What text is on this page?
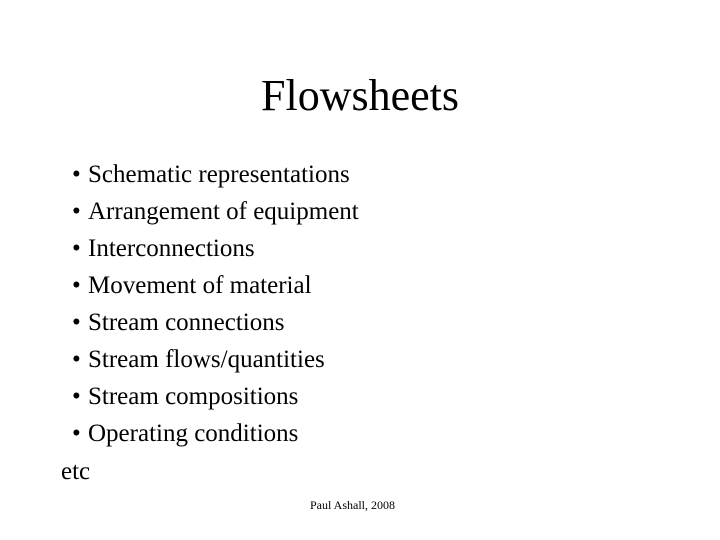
Flowsheets
• Schematic representations
• Arrangement of equipment
• Interconnections
• Movement of material
• Stream connections
• Stream flows/quantities
• Stream compositions
• Operating conditions
etc
Paul Ashall, 2008
